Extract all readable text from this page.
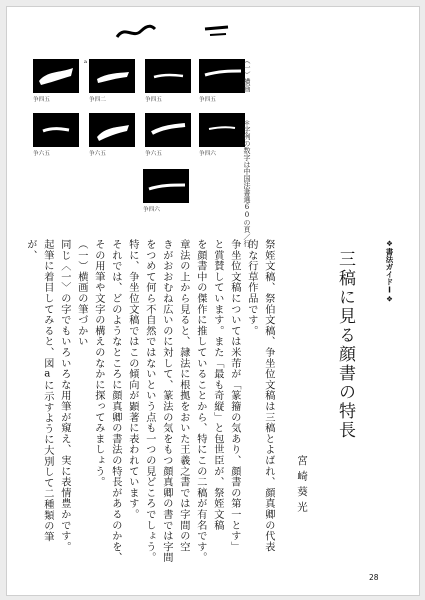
争四五
a
争四二	争四五	争四五
争六五	争六五	争六五	争四六
争四六
（一）横画
＊字例の数字は中国法書選60の頁／行
❖書法ガイドⅠ❖
三稿に見る顔書の特長
宮崎葵光
祭姪文稿、祭伯文稿、争坐位文稿は三稿とよばれ、顔真卿の代表
的な行草作品です。
争坐位文稿については米芾が「篆籀の気あり、顔書の第一とす」
と賞賛しています。また「最も奇縦」と包世臣が、祭姪文稿
を顔書中の傑作に推していることから、特にこの二稿が有名です。
章法の上から見ると、隷法に根拠をおいた王羲之書では字間の空
きがおおむね広いのに対して、篆法の気をもつ顔真卿の書では字間
をつめて何ら不自然ではないという点も一つの見どころでしょう。
特に、争坐位文稿ではこの傾向が顕著に表われています。
それでは、どのようなところに顔真卿の書法の特長があるのかを、
その用筆や文字の構えのなかに探ってみましょう。
（一）横画の筆づかい
同じ〈一〉の字でもいろいろな用筆が窺え、実に表情豊かです。
起筆に着目してみると、図aに示すように大別して二種類の筆
が、
28
